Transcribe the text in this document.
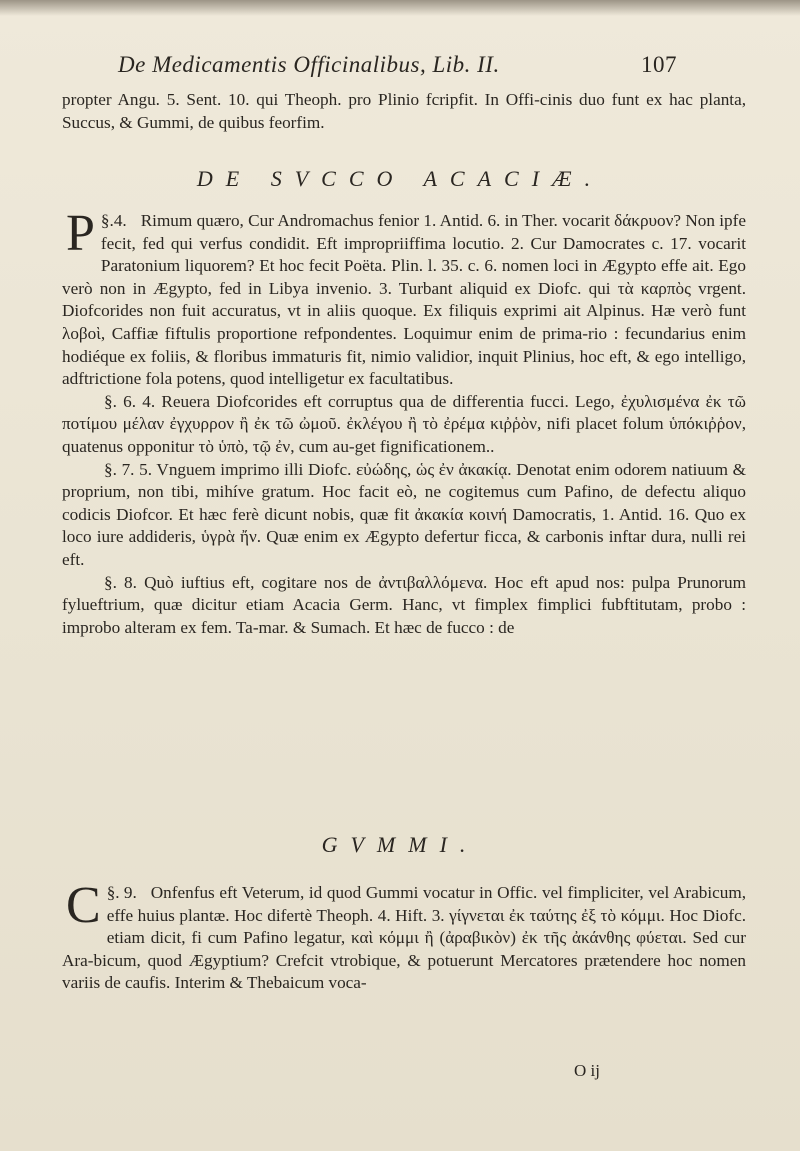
De Medicamentis Officinalibus, Lib. II.	107

propter Angu. 5. Sent. 10. qui Theoph. pro Plinio fcripfit. In Offi-cinis duo funt ex hac planta, Succus, & Gummi, de quibus feorfim.

DE SVCCO ACACIÆ.

§.4.
P	Rimum quæro, Cur Andromachus fenior 1. Antid. 6. in Ther. vocarit δάκρυον? Non ipfe fecit, fed qui verfus condidit. Eft impropriiffima locutio. 2. Cur Damocrates c. 17. vocarit Paratonium liquorem? Et hoc fecit Poëta. Plin. l. 35. c. 6. nomen loci in Ægypto effe ait. Ego verò non in Ægypto, fed in Libya invenio. 3. Turbant aliquid ex Diofc. qui τὰ καρπὸς vrgent. Diofcorides non fuit accuratus, vt in aliis quoque. Ex filiquis exprimi ait Alpinus. Hæ verò funt λοβοὶ, Caffiæ fiftulis proportione refpondentes. Loquimur enim de prima-rio : fecundarius enim hodiéque ex foliis, & floribus immaturis fit, nimio validior, inquit Plinius, hoc eft, & ego intelligo, adftrictione fola potens, quod intelligetur ex facultatibus.

§. 6. 4. Reuera Diofcorides eft corruptus qua de differentia fucci. Lego, ἐχυλισμένα ἐκ τῶ ποτίμου μέλαν ἐγχυρρον ἢ ἐκ τῶ ὠμοῦ. ἐκλέγου ἢ τὸ ἐρέμα κιῤῥὸν, nifi placet folum ὑπόκιῤῥον, quatenus opponitur τὸ ὑπὸ, τῷ ἐν, cum au-get fignificationem..

§. 7. 5. Vnguem imprimo illi Diofc. εὐώδης, ὡς ἐν ἀκακίᾳ. Denotat enim odorem natiuum & proprium, non tibi, mihíve gratum. Hoc facit eò, ne cogitemus cum Pafino, de defectu aliquo codicis Diofcor. Et hæc ferè dicunt nobis, quæ fit ἀκακία κοινή Damocratis, 1. Antid. 16. Quo ex loco iure addideris, ὑγρὰ ἤν. Quæ enim ex Ægypto defertur ficca, & carbonis inftar dura, nulli rei eft.

§. 8. Quò iuftius eft, cogitare nos de ἀντιβαλλόμενα. Hoc eft apud nos: pulpa Prunorum fylueftrium, quæ dicitur etiam Acacia Germ. Hanc, vt fimplex fimplici fubftitutam, probo : improbo alteram ex fem. Ta-mar. & Sumach. Et hæc de fucco : de

GVMMI.

§. 9.
C	Onfenfus eft Veterum, id quod Gummi vocatur in Offic. vel fimpliciter, vel Arabicum, effe huius plantæ. Hoc difertè Theoph. 4. Hift. 3. γίγνεται ἐκ ταύτης ἐξ τὸ κόμμι. Hoc Diofc. etiam dicit, fi cum Pafino legatur, καὶ κόμμι ἢ (ἀραβικὸν) ἐκ τῆς ἀκάνθης φύεται. Sed cur Ara-bicum, quod Ægyptium? Crefcit vtrobique, & potuerunt Mercatores prætendere hoc nomen variis de caufis. Interim & Thebaicum voca-

O ij
